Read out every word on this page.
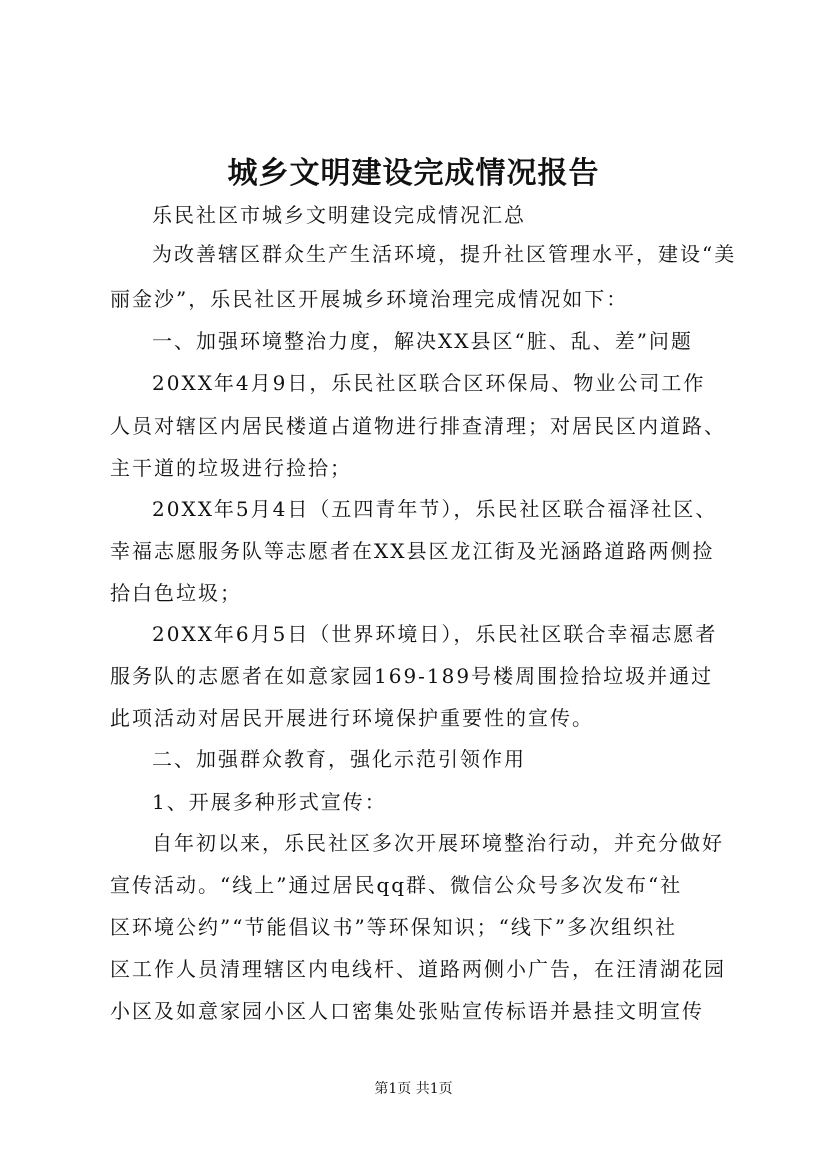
城乡文明建设完成情况报告
乐民社区市城乡文明建设完成情况汇总
为改善辖区群众生产生活环境，提升社区管理水平，建设“美
丽金沙”，乐民社区开展城乡环境治理完成情况如下：
一、加强环境整治力度，解决XX县区“脏、乱、差”问题
20XX年4月9日，乐民社区联合区环保局、物业公司工作
人员对辖区内居民楼道占道物进行排查清理；对居民区内道路、
主干道的垃圾进行捡拾；
20XX年5月4日（五四青年节），乐民社区联合福泽社区、
幸福志愿服务队等志愿者在XX县区龙江街及光涵路道路两侧捡
拾白色垃圾；
20XX年6月5日（世界环境日），乐民社区联合幸福志愿者
服务队的志愿者在如意家园169-189号楼周围捡拾垃圾并通过
此项活动对居民开展进行环境保护重要性的宣传。
二、加强群众教育，强化示范引领作用
1、开展多种形式宣传：
自年初以来，乐民社区多次开展环境整治行动，并充分做好
宣传活动。“线上”通过居民qq群、微信公众号多次发布“社
区环境公约”“节能倡议书”等环保知识；“线下”多次组织社
区工作人员清理辖区内电线杆、道路两侧小广告，在汪清湖花园
小区及如意家园小区人口密集处张贴宣传标语并悬挂文明宣传
第1页 共1页
